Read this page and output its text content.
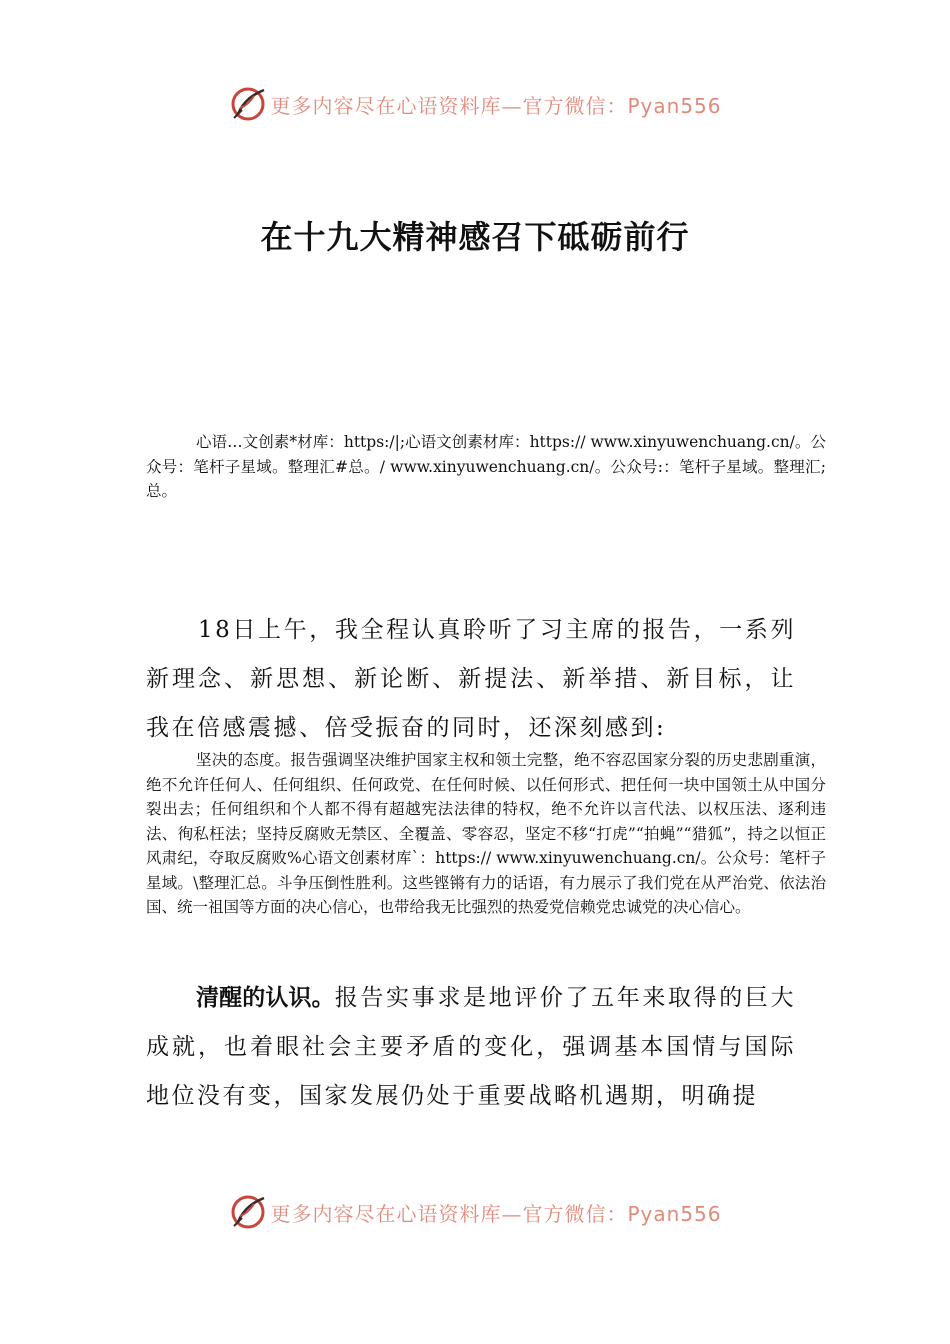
更多内容尽在心语资料库—官方微信：Pyan556
在十九大精神感召下砥砺前行

心语…文创素*材库：https:/|;心语文创素材库：https:// www.xinyuwenchuang.cn/。公众号：笔杆子星域。整理汇#总。/ www.xinyuwenchuang.cn/。公众号:：笔杆子星域。整理汇;总。

18日上午，我全程认真聆听了习主席的报告，一系列新理念、新思想、新论断、新提法、新举措、新目标，让我在倍感震撼、倍受振奋的同时，还深刻感到:

坚决的态度。报告强调坚决维护国家主权和领土完整，绝不容忍国家分裂的历史悲剧重演，绝不允许任何人、任何组织、任何政党、在任何时候、以任何形式、把任何一块中国领土从中国分裂出去；任何组织和个人都不得有超越宪法法律的特权，绝不允许以言代法、以权压法、逐利违法、徇私枉法；坚持反腐败无禁区、全覆盖、零容忍，坚定不移“打虎”“拍蝇”“猎狐”，持之以恒正风肃纪，夺取反腐败%心语文创素材库`：https:// www.xinyuwenchuang.cn/。公众号：笔杆子星域。\整理汇总。斗争压倒性胜利。这些铿锵有力的话语，有力展示了我们党在从严治党、依法治国、统一祖国等方面的决心信心，也带给我无比强烈的热爱党信赖党忠诚党的决心信心。

清醒的认识。报告实事求是地评价了五年来取得的巨大成就，也着眼社会主要矛盾的变化，强调基本国情与国际地位没有变，国家发展仍处于重要战略机遇期，明确提

更多内容尽在心语资料库—官方微信：Pyan556
